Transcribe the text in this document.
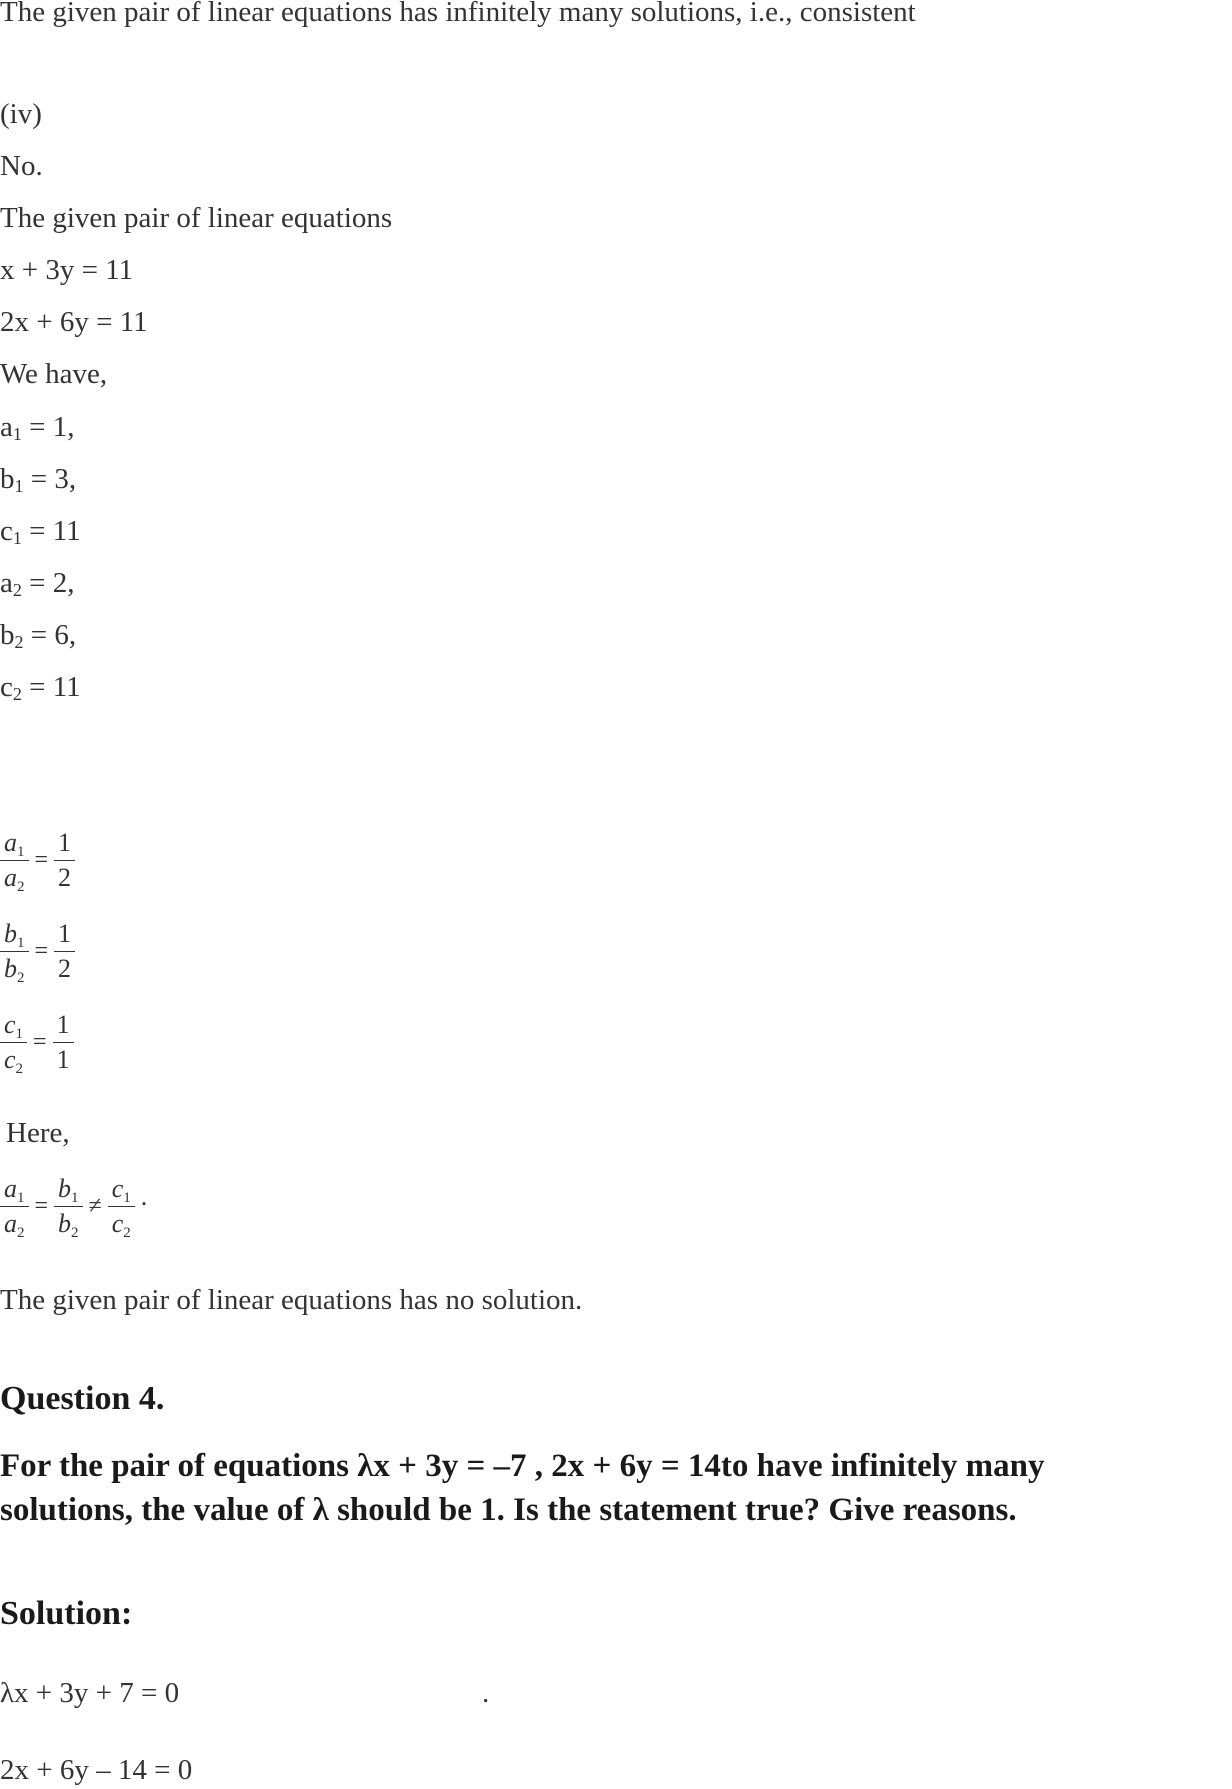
The given pair of linear equations has infinitely many solutions, i.e., consistent
(iv)
No.
The given pair of linear equations
x + 3y = 11
2x + 6y = 11
We have,
$a_1 = 1$,
$b_1 = 3$,
$c_1 = 11$
$a_2 = 2$,
$b_2 = 6$,
$c_2 = 11$
$\frac{a_1}{a_2} = \frac{1}{2}$
$\frac{b_1}{b_2} = \frac{1}{2}$
$\frac{c_1}{c_2} = \frac{1}{1}$
Here,
$\frac{a_1}{a_2} = \frac{b_1}{b_2} \ne \frac{c_1}{c_2}$ .
The given pair of linear equations has no solution.
Question 4.
For the pair of equations λx + 3y = –7 , 2x + 6y = 14to have infinitely many
solutions, the value of λ should be 1. Is the statement true? Give reasons.
Solution:
λx + 3y + 7 = 0	.
2x + 6y – 14 = 0
